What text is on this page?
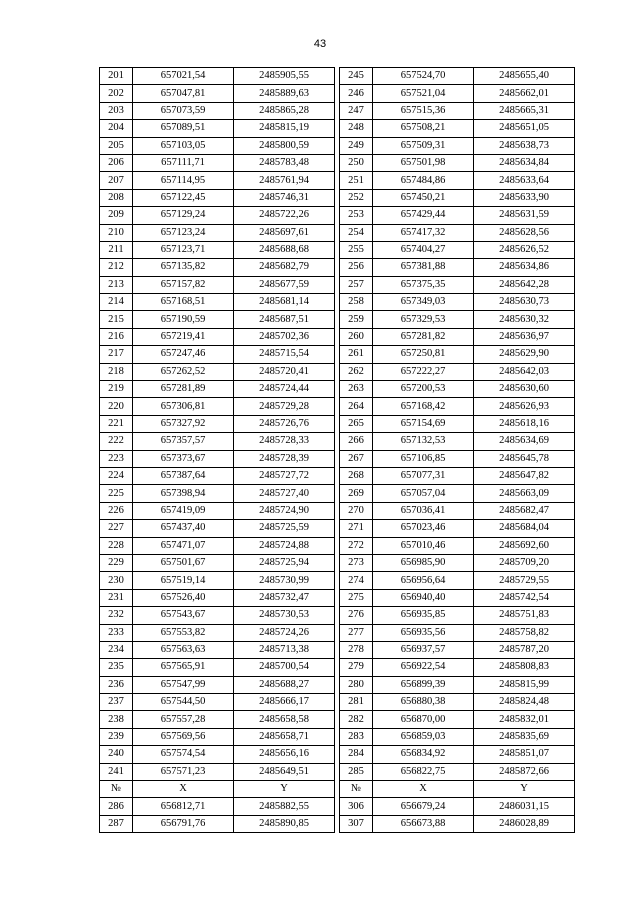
43
201	657021,54	2485905,55
202	657047,81	2485889,63
203	657073,59	2485865,28
204	657089,51	2485815,19
205	657103,05	2485800,59
206	657111,71	2485783,48
207	657114,95	2485761,94
208	657122,45	2485746,31
209	657129,24	2485722,26
210	657123,24	2485697,61
211	657123,71	2485688,68
212	657135,82	2485682,79
213	657157,82	2485677,59
214	657168,51	2485681,14
215	657190,59	2485687,51
216	657219,41	2485702,36
217	657247,46	2485715,54
218	657262,52	2485720,41
219	657281,89	2485724,44
220	657306,81	2485729,28
221	657327,92	2485726,76
222	657357,57	2485728,33
223	657373,67	2485728,39
224	657387,64	2485727,72
225	657398,94	2485727,40
226	657419,09	2485724,90
227	657437,40	2485725,59
228	657471,07	2485724,88
229	657501,67	2485725,94
230	657519,14	2485730,99
231	657526,40	2485732,47
232	657543,67	2485730,53
233	657553,82	2485724,26
234	657563,63	2485713,38
235	657565,91	2485700,54
236	657547,99	2485688,27
237	657544,50	2485666,17
238	657557,28	2485658,58
239	657569,56	2485658,71
240	657574,54	2485656,16
241	657571,23	2485649,51
№	X	Y
286	656812,71	2485882,55
287	656791,76	2485890,85
245	657524,70	2485655,40
246	657521,04	2485662,01
247	657515,36	2485665,31
248	657508,21	2485651,05
249	657509,31	2485638,73
250	657501,98	2485634,84
251	657484,86	2485633,64
252	657450,21	2485633,90
253	657429,44	2485631,59
254	657417,32	2485628,56
255	657404,27	2485626,52
256	657381,88	2485634,86
257	657375,35	2485642,28
258	657349,03	2485630,73
259	657329,53	2485630,32
260	657281,82	2485636,97
261	657250,81	2485629,90
262	657222,27	2485642,03
263	657200,53	2485630,60
264	657168,42	2485626,93
265	657154,69	2485618,16
266	657132,53	2485634,69
267	657106,85	2485645,78
268	657077,31	2485647,82
269	657057,04	2485663,09
270	657036,41	2485682,47
271	657023,46	2485684,04
272	657010,46	2485692,60
273	656985,90	2485709,20
274	656956,64	2485729,55
275	656940,40	2485742,54
276	656935,85	2485751,83
277	656935,56	2485758,82
278	656937,57	2485787,20
279	656922,54	2485808,83
280	656899,39	2485815,99
281	656880,38	2485824,48
282	656870,00	2485832,01
283	656859,03	2485835,69
284	656834,92	2485851,07
285	656822,75	2485872,66
№	X	Y
306	656679,24	2486031,15
307	656673,88	2486028,89
